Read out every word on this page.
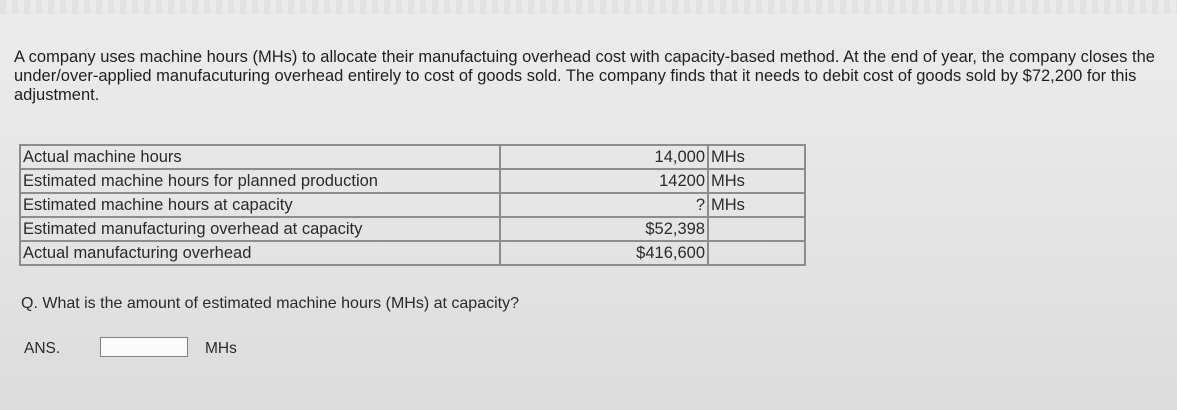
A company uses machine hours (MHs) to allocate their manufactuing overhead cost with capacity-based method. At the end of year, the company closes the under/over-applied manufacuturing overhead entirely to cost of goods sold. The company finds that it needs to debit cost of goods sold by $72,200 for this adjustment.

Actual machine hours	14,000	MHs

Estimated machine hours for planned production	14200	MHs

Estimated machine hours at capacity	?	MHs

Estimated manufacturing overhead at capacity	$52,398	

Actual manufacturing overhead	$416,600	

Q. What is the amount of estimated machine hours (MHs) at capacity?

ANS.	MHs
